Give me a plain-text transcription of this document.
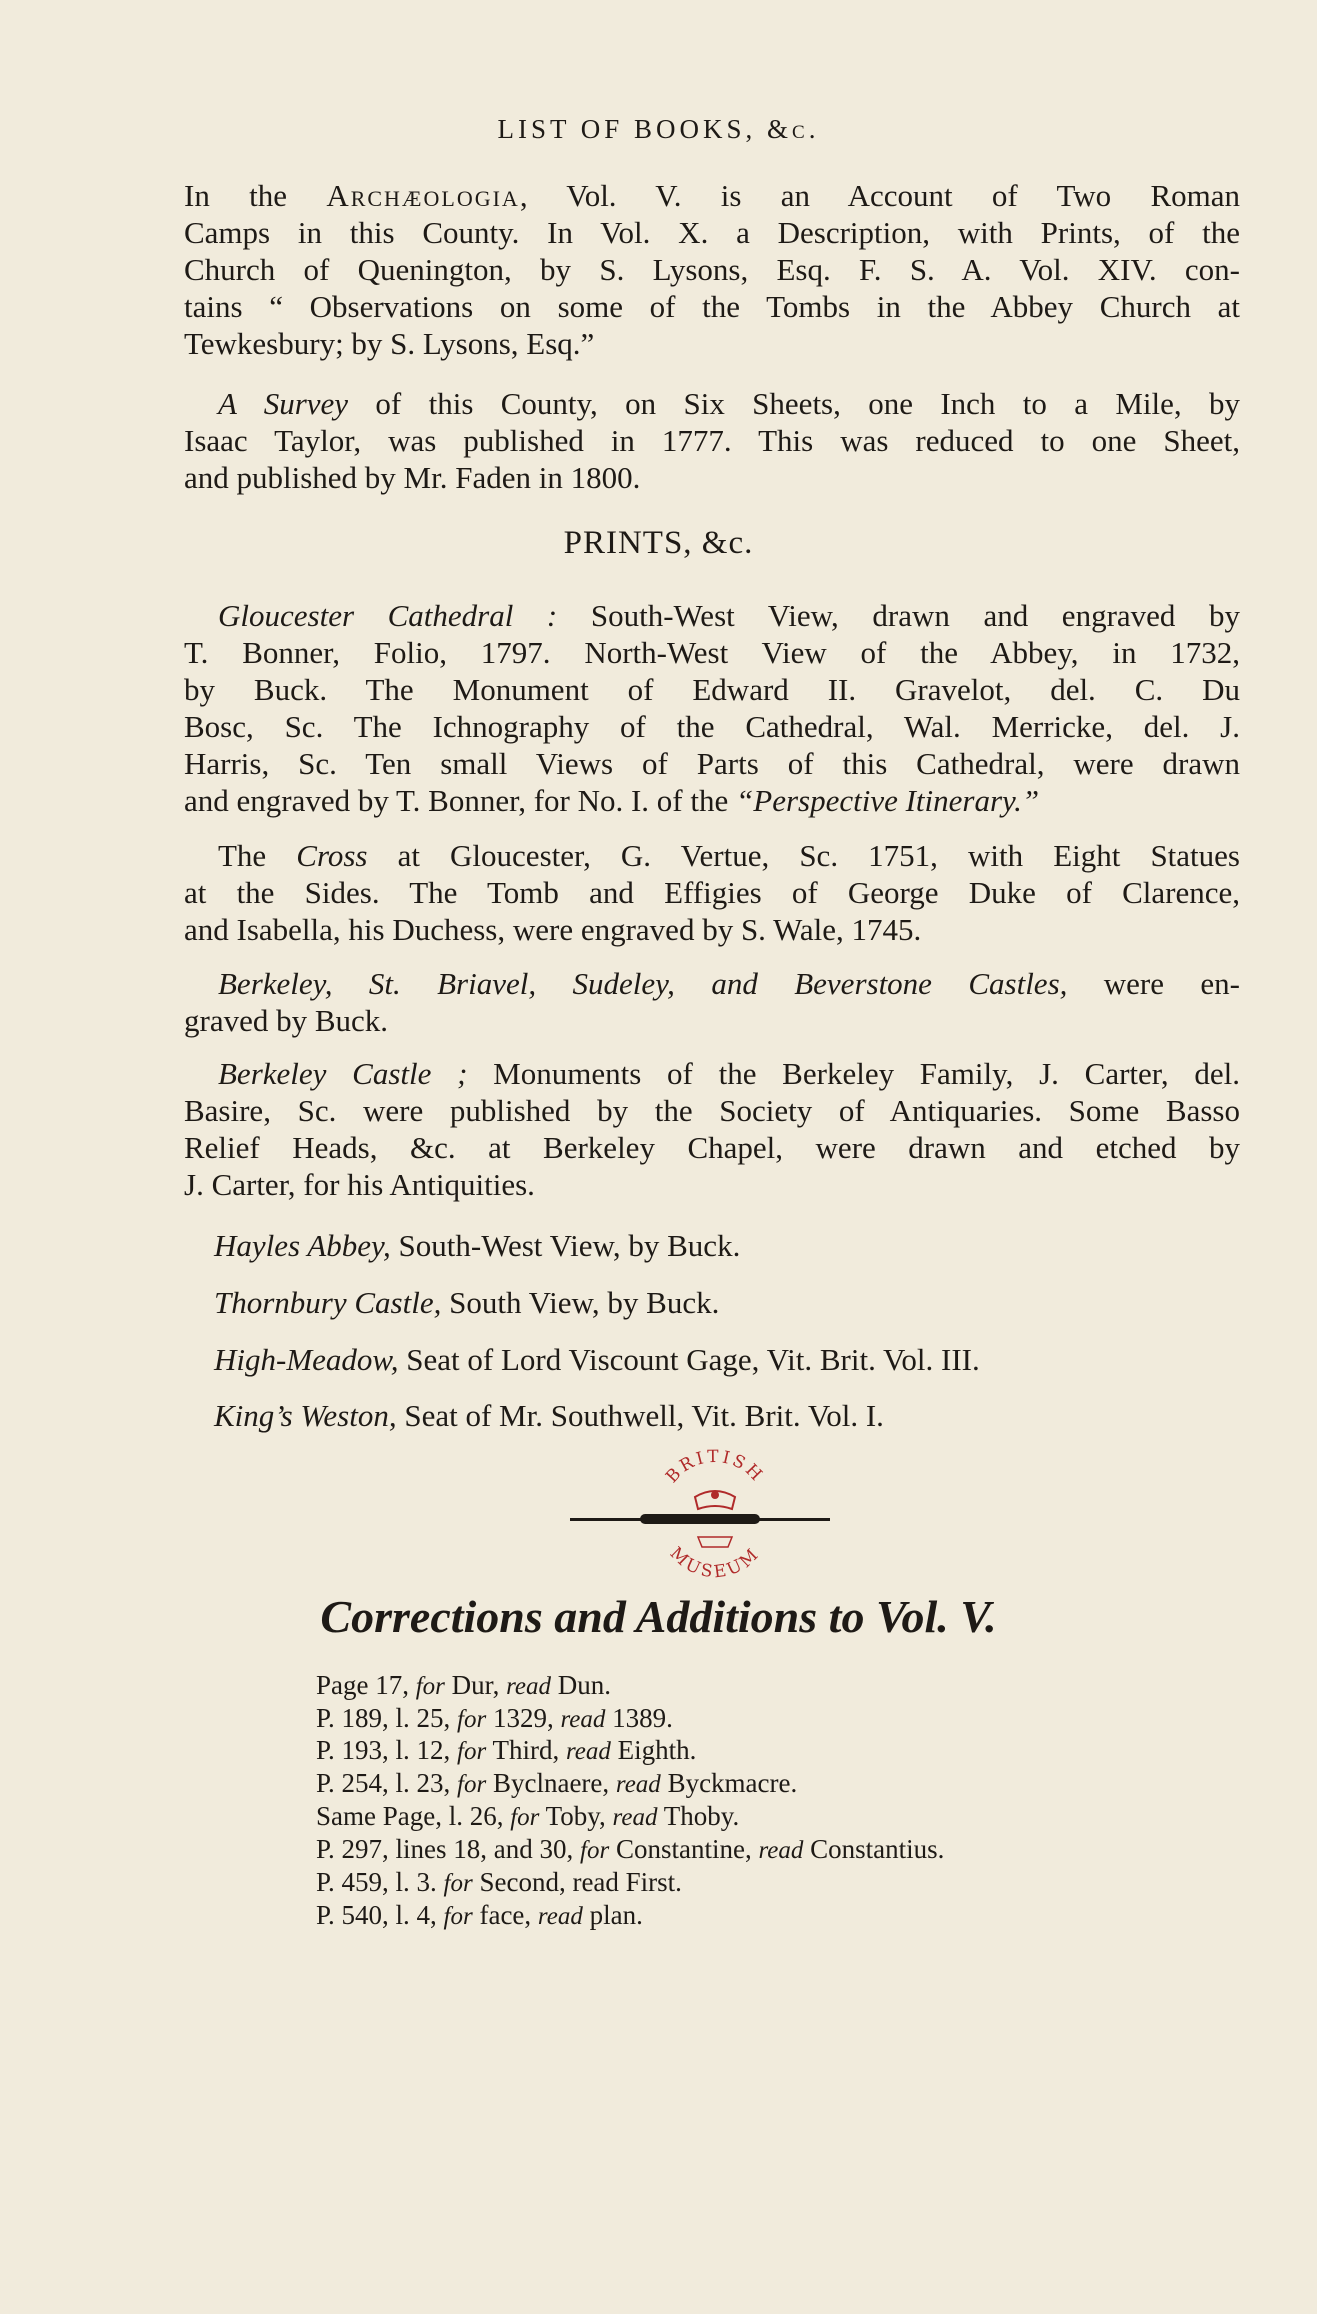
LIST OF BOOKS, &c.
In the Archæologia, Vol. V. is an Account of Two Roman
Camps in this County. In Vol. X. a Description, with Prints, of the
Church of Quenington, by S. Lysons, Esq. F. S. A. Vol. XIV. con-
tains “ Observations on some of the Tombs in the Abbey Church at
Tewkesbury; by S. Lysons, Esq.”
A Survey of this County, on Six Sheets, one Inch to a Mile, by
Isaac Taylor, was published in 1777. This was reduced to one Sheet,
and published by Mr. Faden in 1800.
PRINTS, &c.
Gloucester Cathedral : South-West View, drawn and engraved by
T. Bonner, Folio, 1797. North-West View of the Abbey, in 1732,
by Buck. The Monument of Edward II. Gravelot, del. C. Du
Bosc, Sc. The Ichnography of the Cathedral, Wal. Merricke, del. J.
Harris, Sc. Ten small Views of Parts of this Cathedral, were drawn
and engraved by T. Bonner, for No. I. of the “Perspective Itinerary.”
The Cross at Gloucester, G. Vertue, Sc. 1751, with Eight Statues
at the Sides. The Tomb and Effigies of George Duke of Clarence,
and Isabella, his Duchess, were engraved by S. Wale, 1745.
Berkeley, St. Briavel, Sudeley, and Beverstone Castles, were en-
graved by Buck.
Berkeley Castle ; Monuments of the Berkeley Family, J. Carter, del.
Basire, Sc. were published by the Society of Antiquaries. Some Basso
Relief Heads, &c. at Berkeley Chapel, were drawn and etched by
J. Carter, for his Antiquities.
Hayles Abbey, South-West View, by Buck.
Thornbury Castle, South View, by Buck.
High-Meadow, Seat of Lord Viscount Gage, Vit. Brit. Vol. III.
King’s Weston, Seat of Mr. Southwell, Vit. Brit. Vol. I.
BRITISH
MUSEUM
Corrections and Additions to Vol. V.
Page 17, for Dur, read Dun.
P. 189, l. 25, for 1329, read 1389.
P. 193, l. 12, for Third, read Eighth.
P. 254, l. 23, for Byclnaere, read Byckmacre.
Same Page, l. 26, for Toby, read Thoby.
P. 297, lines 18, and 30, for Constantine, read Constantius.
P. 459, l. 3. for Second, read First.
P. 540, l. 4, for face, read plan.
